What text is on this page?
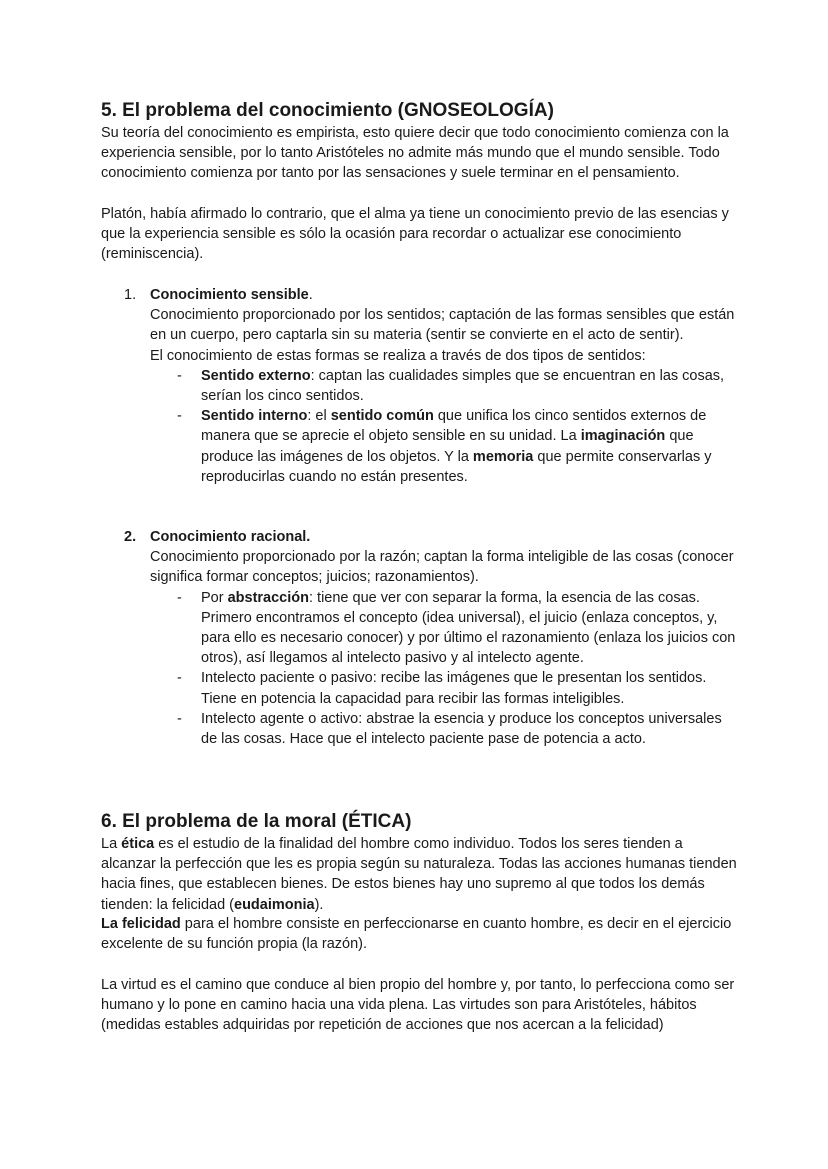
5. El problema del conocimiento (GNOSEOLOGÍA)

Su teoría del conocimiento es empirista, esto quiere decir que todo conocimiento comienza con la experiencia sensible, por lo tanto Aristóteles no admite más mundo que el mundo sensible. Todo conocimiento comienza por tanto por las sensaciones y suele terminar en el pensamiento.

Platón, había afirmado lo contrario, que el alma ya tiene un conocimiento previo de las esencias y que la experiencia sensible es sólo la ocasión para recordar o actualizar ese conocimiento (reminiscencia).

1. Conocimiento sensible.

Conocimiento proporcionado por los sentidos; captación de las formas sensibles que están en un cuerpo, pero captarla sin su materia (sentir se convierte en el acto de sentir).

El conocimiento de estas formas se realiza a través de dos tipos de sentidos:

- Sentido externo: captan las cualidades simples que se encuentran en las cosas, serían los cinco sentidos.

- Sentido interno: el sentido común que unifica los cinco sentidos externos de manera que se aprecie el objeto sensible en su unidad. La imaginación que produce las imágenes de los objetos. Y la memoria que permite conservarlas y reproducirlas cuando no están presentes.

2. Conocimiento racional.

Conocimiento proporcionado por la razón; captan la forma inteligible de las cosas (conocer significa formar conceptos; juicios; razonamientos).

- Por abstracción: tiene que ver con separar la forma, la esencia de las cosas. Primero encontramos el concepto (idea universal), el juicio (enlaza conceptos, y, para ello es necesario conocer) y por último el razonamiento (enlaza los juicios con otros), así llegamos al intelecto pasivo y al intelecto agente.

- Intelecto paciente o pasivo: recibe las imágenes que le presentan los sentidos. Tiene en potencia la capacidad para recibir las formas inteligibles.

- Intelecto agente o activo: abstrae la esencia y produce los conceptos universales de las cosas. Hace que el intelecto paciente pase de potencia a acto.

6. El problema de la moral (ÉTICA)

La ética es el estudio de la finalidad del hombre como individuo. Todos los seres tienden a alcanzar la perfección que les es propia según su naturaleza. Todas las acciones humanas tienden hacia fines, que establecen bienes. De estos bienes hay uno supremo al que todos los demás tienden: la felicidad (eudaimonia).

La felicidad para el hombre consiste en perfeccionarse en cuanto hombre, es decir en el ejercicio excelente de su función propia (la razón).

La virtud es el camino que conduce al bien propio del hombre y, por tanto, lo perfecciona como ser humano y lo pone en camino hacia una vida plena. Las virtudes son para Aristóteles, hábitos (medidas estables adquiridas por repetición de acciones que nos acercan a la felicidad)
